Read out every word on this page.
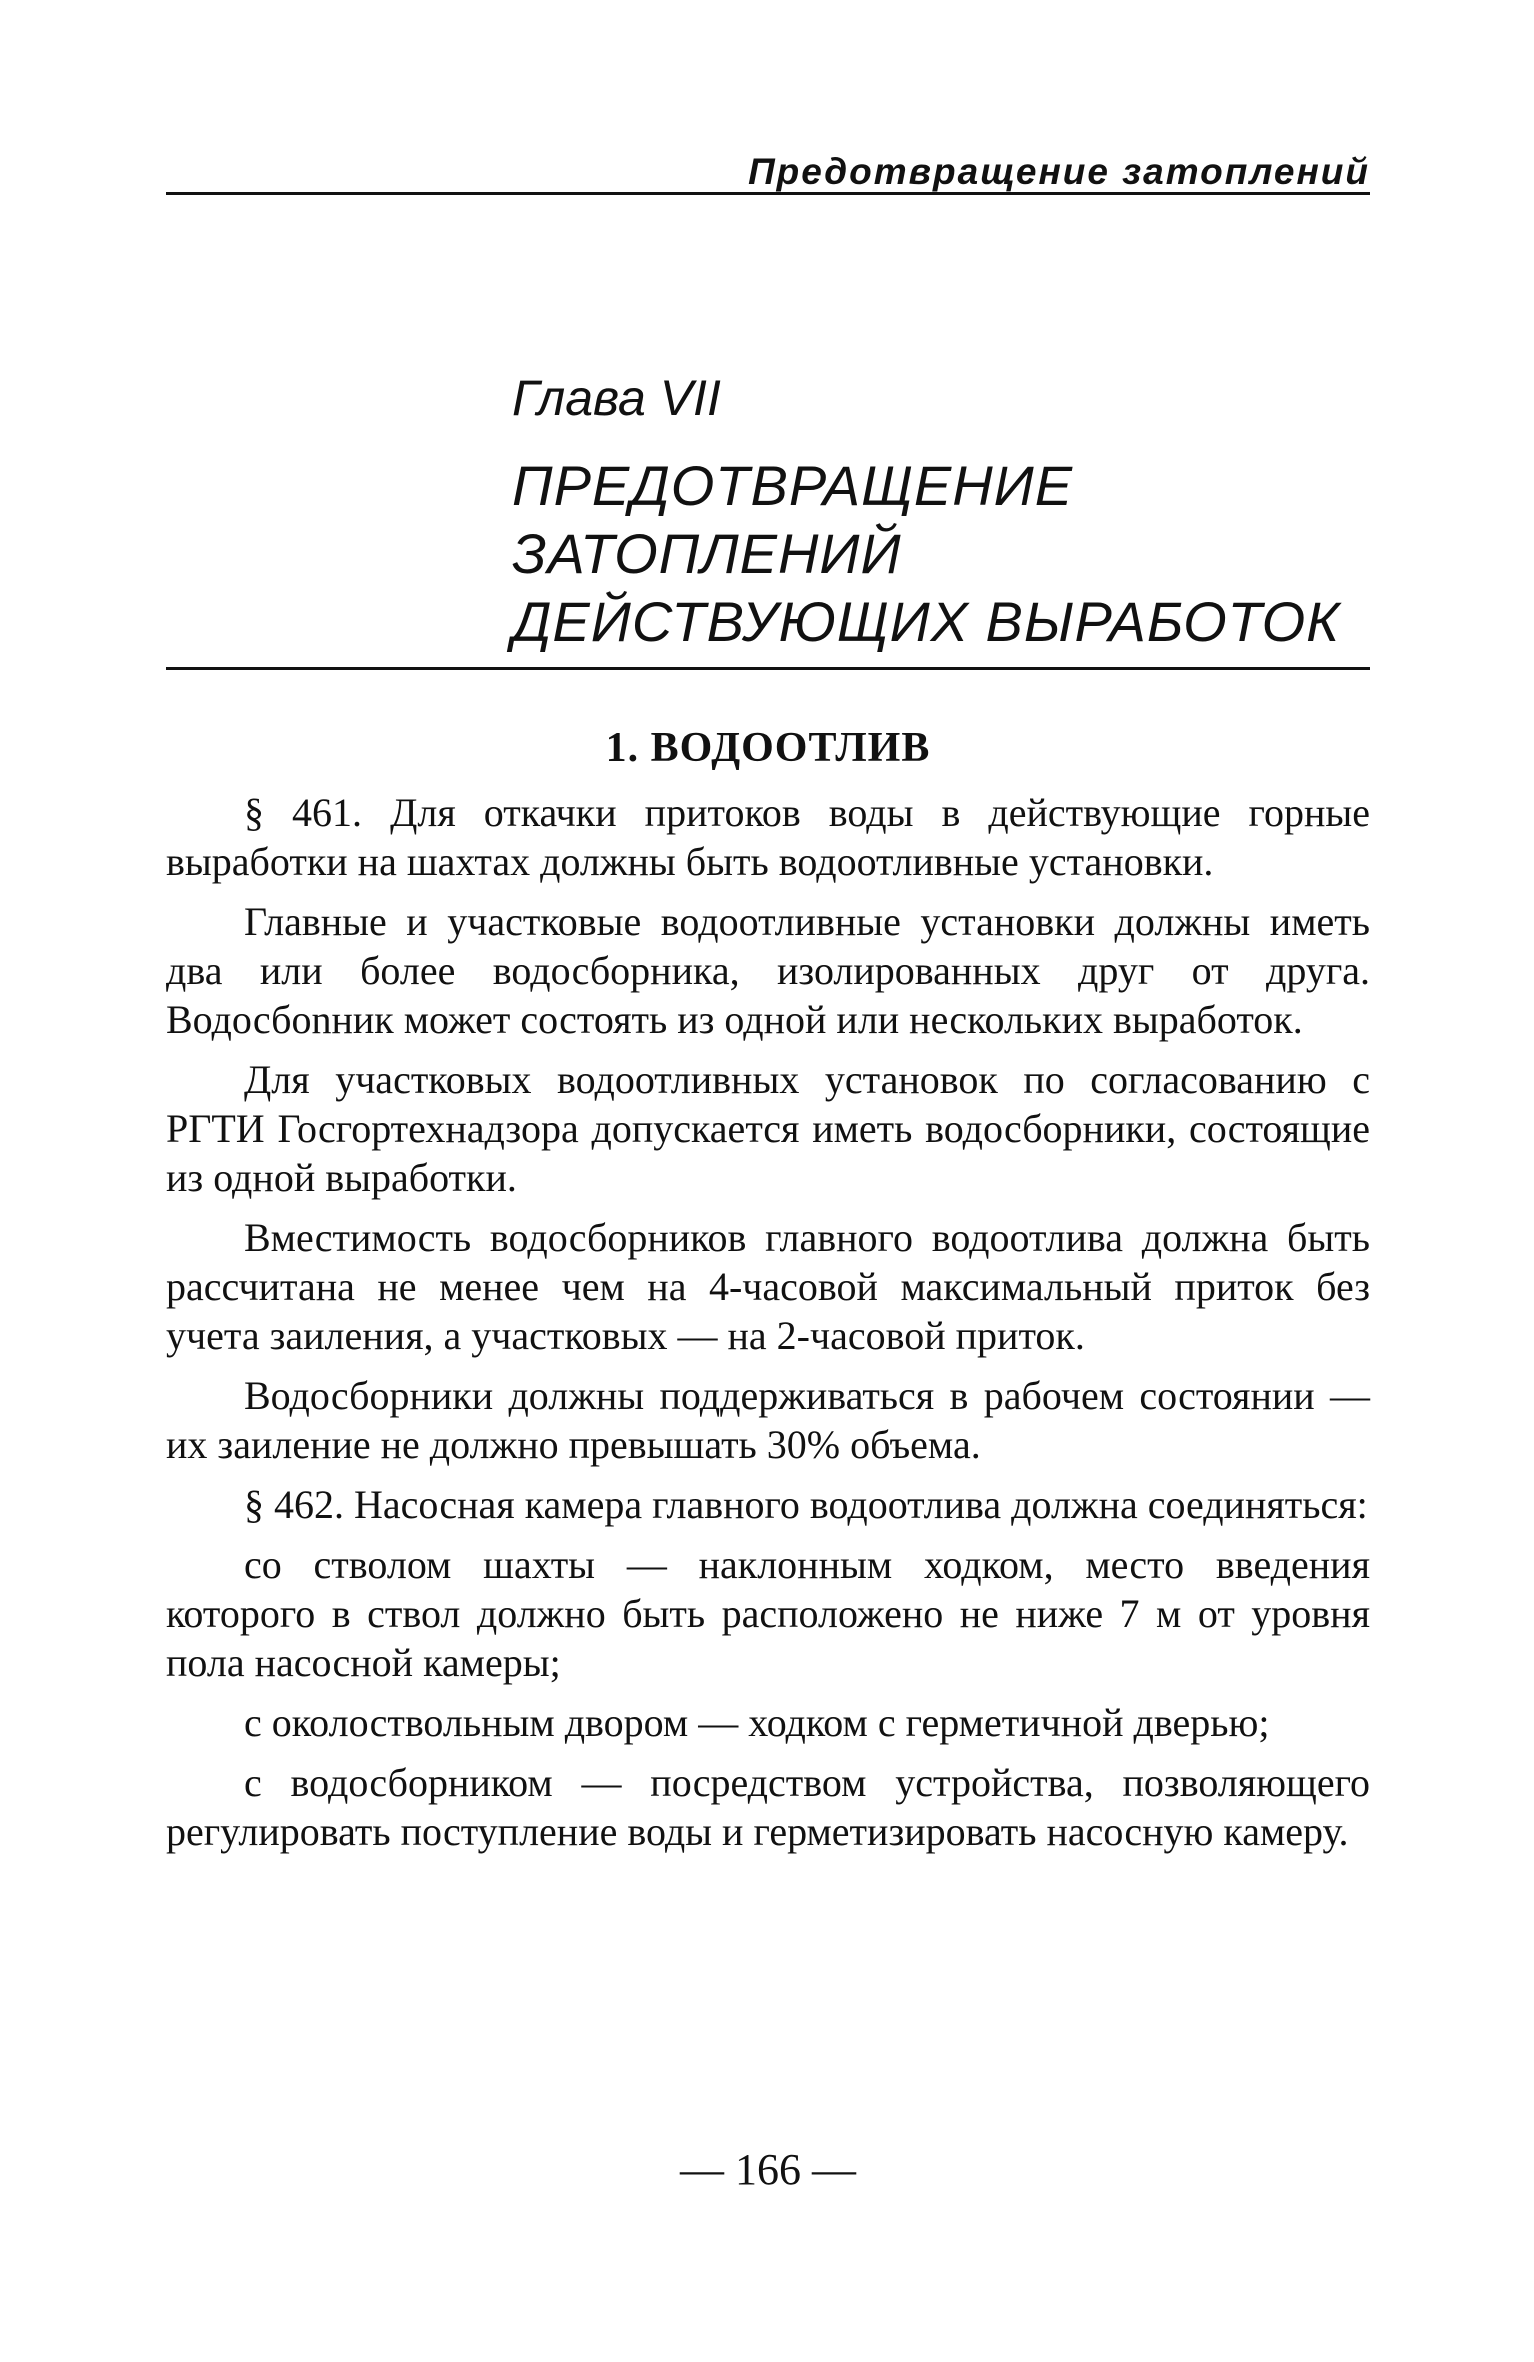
Предотвращение затоплений
Глава VII
ПРЕДОТВРАЩЕНИЕ
ЗАТОПЛЕНИЙ
ДЕЙСТВУЮЩИХ ВЫРАБОТОК
1. ВОДООТЛИВ

§ 461. Для откачки притоков воды в действующие горные выработки на шахтах должны быть водоотливные установки.

Главные и участковые водоотливные установки должны иметь два или более водосборника, изолированных друг от друга. Водосбоnник может состоять из одной или нескольких выработок.

Для участковых водоотливных установок по согласованию с РГТИ Госгортехнадзора допускается иметь водосборники, состоящие из одной выработки.

Вместимость водосборников главного водоотлива должна быть рассчитана не менее чем на 4-часовой максимальный приток без учета заиления, а участковых — на 2-часовой приток.

Водосборники должны поддерживаться в рабочем состоянии — их заиление не должно превышать 30% объема.

§ 462. Насосная камера главного водоотлива должна соединяться:

со стволом шахты — наклонным ходком, место введения которого в ствол должно быть расположено не ниже 7 м от уровня пола насосной камеры;

с околоствольным двором — ходком с герметичной дверью;

с водосборником — посредством устройства, позволяющего регулировать поступление воды и герметизировать насосную камеру.

— 166 —
